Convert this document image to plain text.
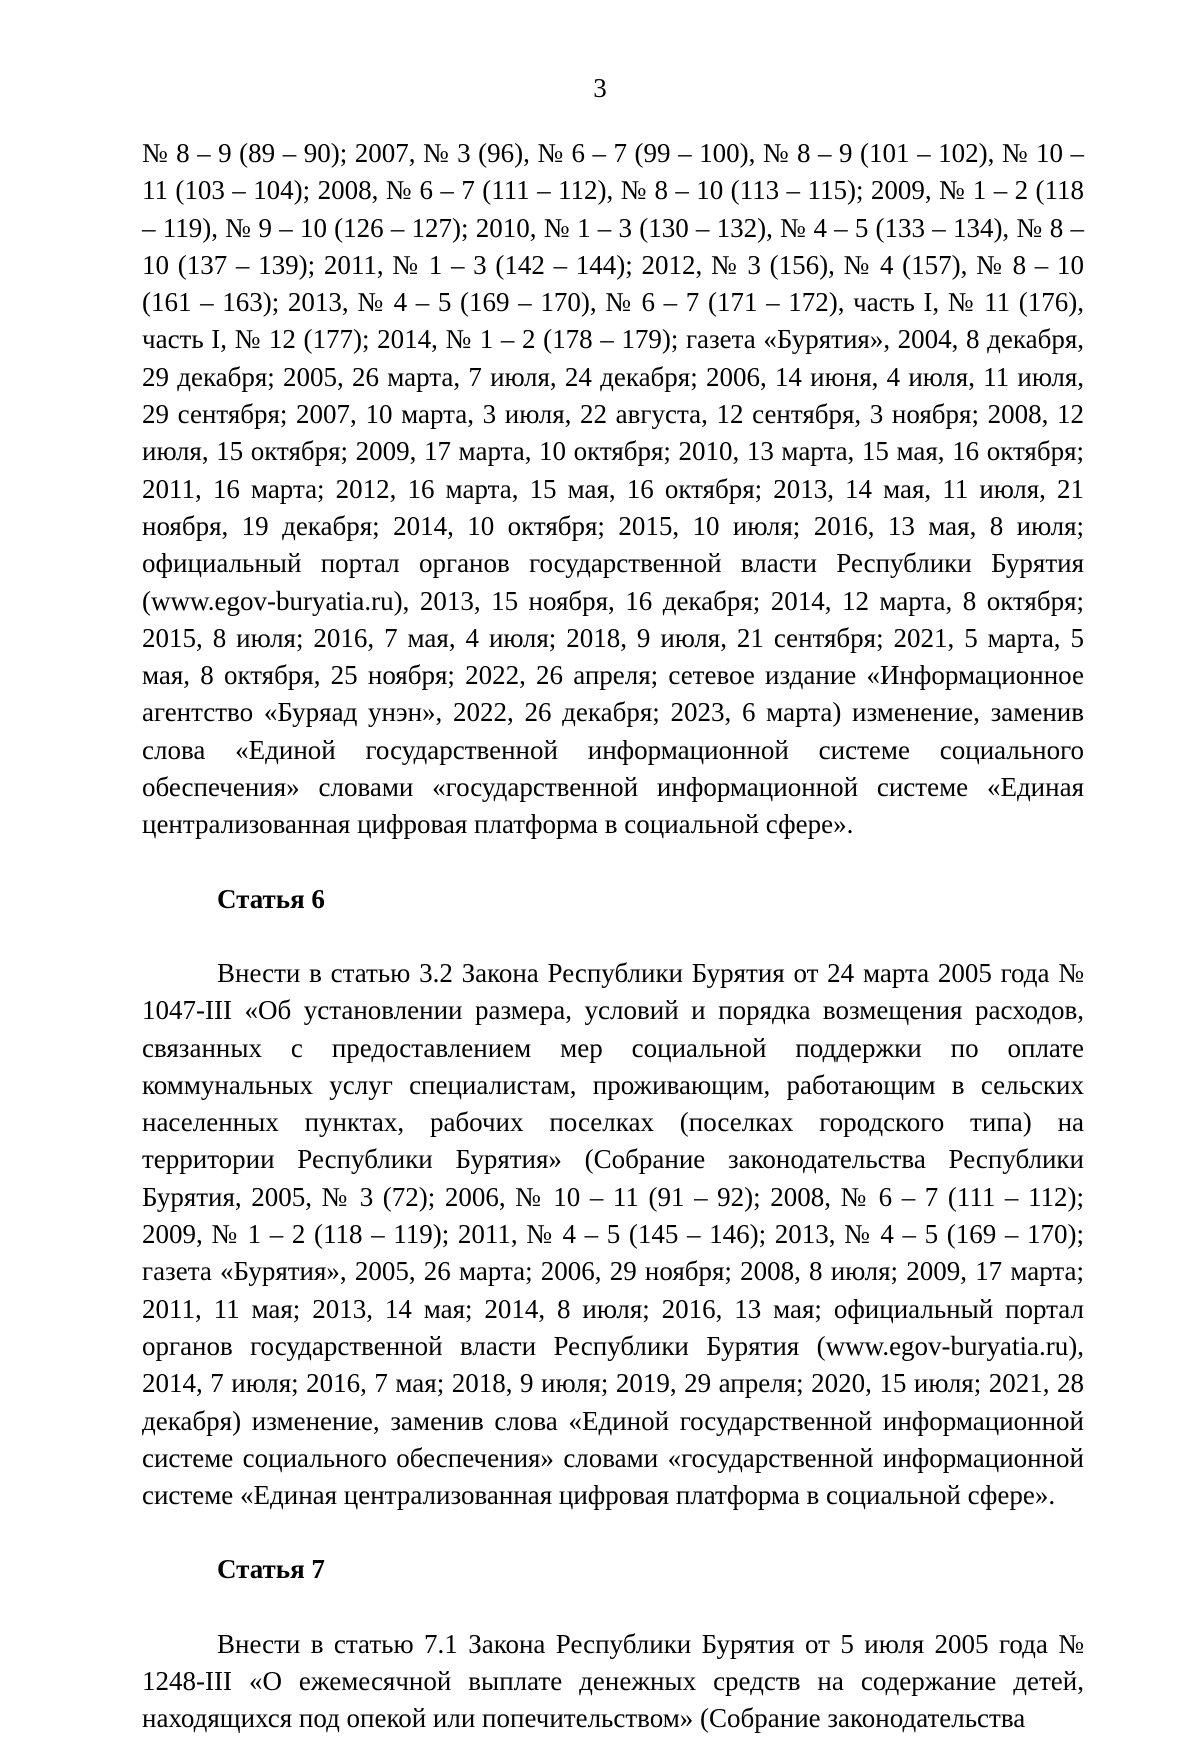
3

№ 8 – 9 (89 – 90); 2007, № 3 (96), № 6 – 7 (99 – 100), № 8 – 9 (101 – 102), № 10 – 11 (103 – 104); 2008, № 6 – 7 (111 – 112), № 8 – 10 (113 – 115); 2009, № 1 – 2 (118 – 119), № 9 – 10 (126 – 127); 2010, № 1 – 3 (130 – 132), № 4 – 5 (133 – 134), № 8 – 10 (137 – 139); 2011, № 1 – 3 (142 – 144); 2012, № 3 (156), № 4 (157), № 8 – 10 (161 – 163); 2013, № 4 – 5 (169 – 170), № 6 – 7 (171 – 172), часть I, № 11 (176), часть I, № 12 (177); 2014, № 1 – 2 (178 – 179); газета «Бурятия», 2004, 8 декабря, 29 декабря; 2005, 26 марта, 7 июля, 24 декабря; 2006, 14 июня, 4 июля, 11 июля, 29 сентября; 2007, 10 марта, 3 июля, 22 августа, 12 сентября, 3 ноября; 2008, 12 июля, 15 октября; 2009, 17 марта, 10 октября; 2010, 13 марта, 15 мая, 16 октября; 2011, 16 марта; 2012, 16 марта, 15 мая, 16 октября; 2013, 14 мая, 11 июля, 21 ноября, 19 декабря; 2014, 10 октября; 2015, 10 июля; 2016, 13 мая, 8 июля; официальный портал органов государственной власти Республики Бурятия (www.egov-buryatia.ru), 2013, 15 ноября, 16 декабря; 2014, 12 марта, 8 октября; 2015, 8 июля; 2016, 7 мая, 4 июля; 2018, 9 июля, 21 сентября; 2021, 5 марта, 5 мая, 8 октября, 25 ноября; 2022, 26 апреля; сетевое издание «Информационное агентство «Буряад унэн», 2022, 26 декабря; 2023, 6 марта) изменение, заменив слова «Единой государственной информационной системе социального обеспечения» словами «государственной информационной системе «Единая централизованная цифровая платформа в социальной сфере».

Статья 6

Внести в статью 3.2 Закона Республики Бурятия от 24 марта 2005 года № 1047-III «Об установлении размера, условий и порядка возмещения расходов, связанных с предоставлением мер социальной поддержки по оплате коммунальных услуг специалистам, проживающим, работающим в сельских населенных пунктах, рабочих поселках (поселках городского типа) на территории Республики Бурятия» (Собрание законодательства Республики Бурятия, 2005, № 3 (72); 2006, № 10 – 11 (91 – 92); 2008, № 6 – 7 (111 – 112); 2009, № 1 – 2 (118 – 119); 2011, № 4 – 5 (145 – 146); 2013, № 4 – 5 (169 – 170); газета «Бурятия», 2005, 26 марта; 2006, 29 ноября; 2008, 8 июля; 2009, 17 марта; 2011, 11 мая; 2013, 14 мая; 2014, 8 июля; 2016, 13 мая; официальный портал органов государственной власти Республики Бурятия (www.egov-buryatia.ru), 2014, 7 июля; 2016, 7 мая; 2018, 9 июля; 2019, 29 апреля; 2020, 15 июля; 2021, 28 декабря) изменение, заменив слова «Единой государственной информационной системе социального обеспечения» словами «государственной информационной системе «Единая централизованная цифровая платформа в социальной сфере».

Статья 7

Внести в статью 7.1 Закона Республики Бурятия от 5 июля 2005 года № 1248-III «О ежемесячной выплате денежных средств на содержание детей, находящихся под опекой или попечительством» (Собрание законодательства
